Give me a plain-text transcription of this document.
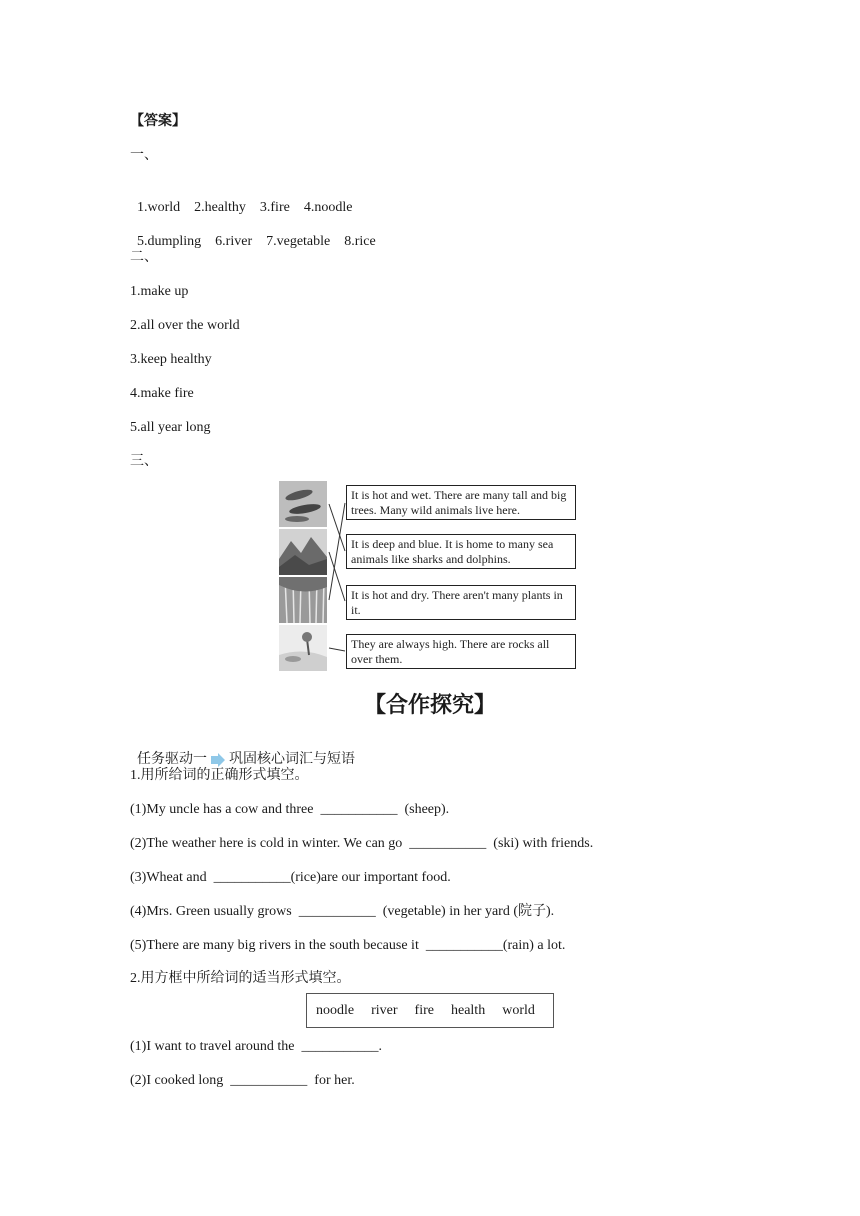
【答案】
一、

1.world 2.healthy 3.fire 4.noodle

5.dumpling 6.river 7.vegetable 8.rice

二、
1.make up
2.all over the world
3.keep healthy
4.make fire
5.all year long
三、
It is hot and wet. There are many tall and big trees. Many wild animals live here.
It is deep and blue. It is home to many sea animals like sharks and dolphins.
It is hot and dry. There aren't many plants in it.
They are always high. There are rocks all over them.
【合作探究】

任务驱动一 巩固核心词汇与短语

1.用所给词的正确形式填空。
(1)My uncle has a cow and three  ___________  (sheep).
(2)The weather here is cold in winter. We can go  ___________  (ski) with friends.
(3)Wheat and  ___________(rice)are our important food.
(4)Mrs. Green usually grows  ___________  (vegetable) in her yard (院子).
(5)There are many big rivers in the south because it  ___________(rain) a lot.
2.用方框中所给词的适当形式填空。
noodle river fire health world
(1)I want to travel around the  ___________.
(2)I cooked long  ___________  for her.
